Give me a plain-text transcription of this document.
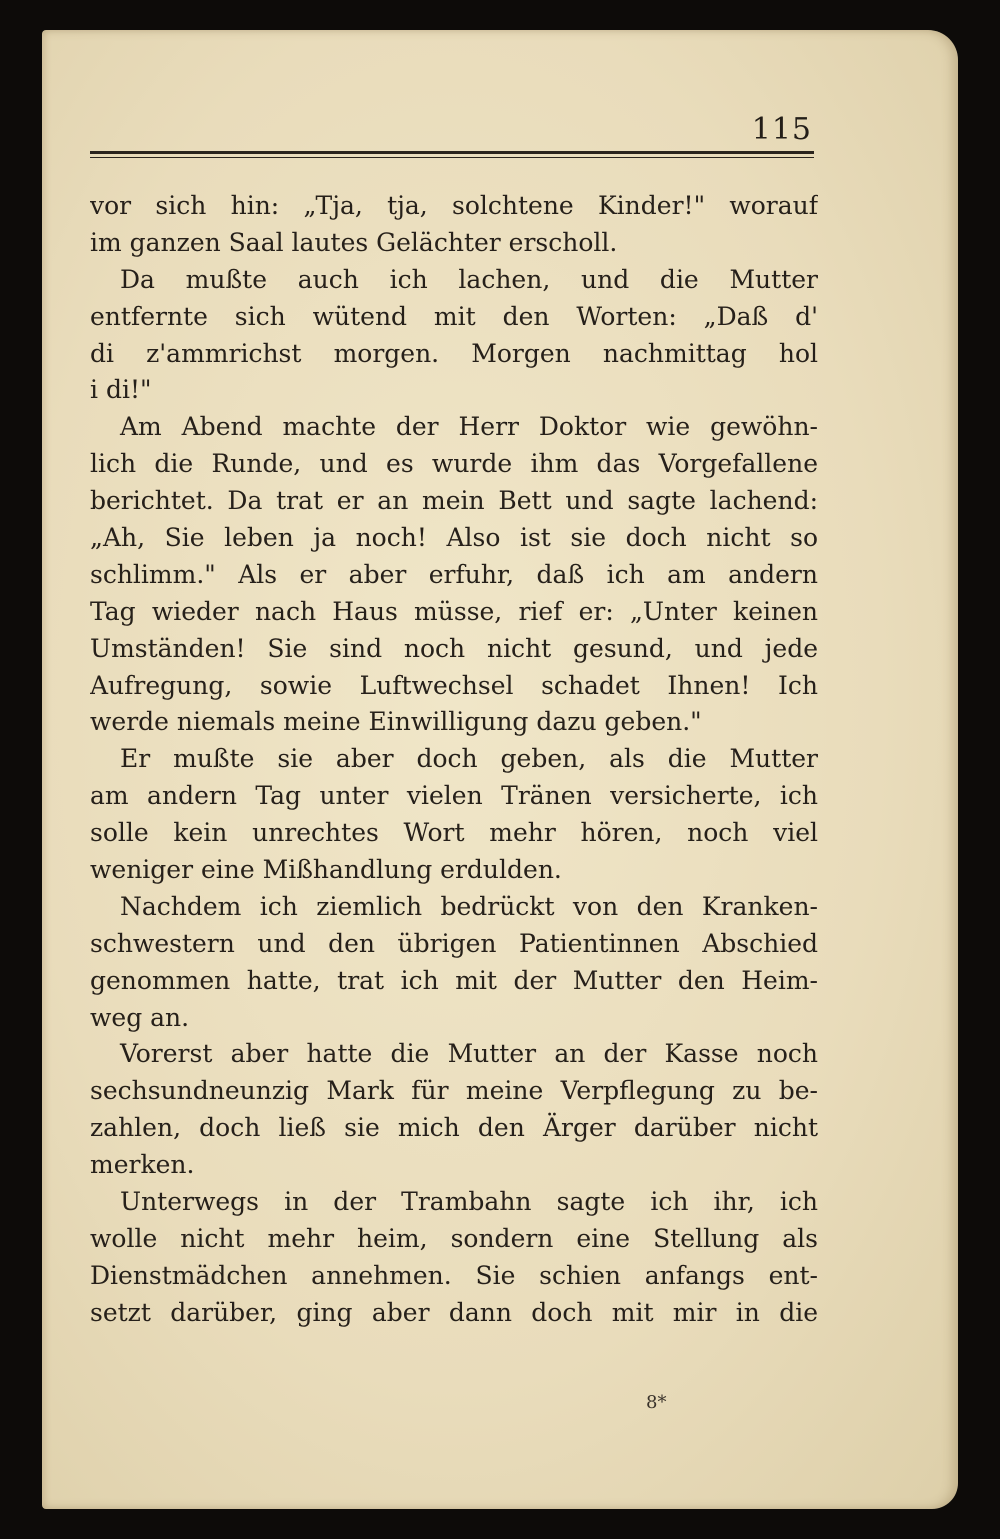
115
vor sich hin: „Tja, tja, solchtene Kinder!" worauf
im ganzen Saal lautes Gelächter erscholl.
Da mußte auch ich lachen, und die Mutter
entfernte sich wütend mit den Worten: „Daß d'
di z'ammrichst morgen. Morgen nachmittag hol
i di!"
Am Abend machte der Herr Doktor wie gewöhn-
lich die Runde, und es wurde ihm das Vorgefallene
berichtet. Da trat er an mein Bett und sagte lachend:
„Ah, Sie leben ja noch! Also ist sie doch nicht so
schlimm." Als er aber erfuhr, daß ich am andern
Tag wieder nach Haus müsse, rief er: „Unter keinen
Umständen! Sie sind noch nicht gesund, und jede
Aufregung, sowie Luftwechsel schadet Ihnen! Ich
werde niemals meine Einwilligung dazu geben."
Er mußte sie aber doch geben, als die Mutter
am andern Tag unter vielen Tränen versicherte, ich
solle kein unrechtes Wort mehr hören, noch viel
weniger eine Mißhandlung erdulden.
Nachdem ich ziemlich bedrückt von den Kranken-
schwestern und den übrigen Patientinnen Abschied
genommen hatte, trat ich mit der Mutter den Heim-
weg an.
Vorerst aber hatte die Mutter an der Kasse noch
sechsundneunzig Mark für meine Verpflegung zu be-
zahlen, doch ließ sie mich den Ärger darüber nicht
merken.
Unterwegs in der Trambahn sagte ich ihr, ich
wolle nicht mehr heim, sondern eine Stellung als
Dienstmädchen annehmen. Sie schien anfangs ent-
setzt darüber, ging aber dann doch mit mir in die
8*
